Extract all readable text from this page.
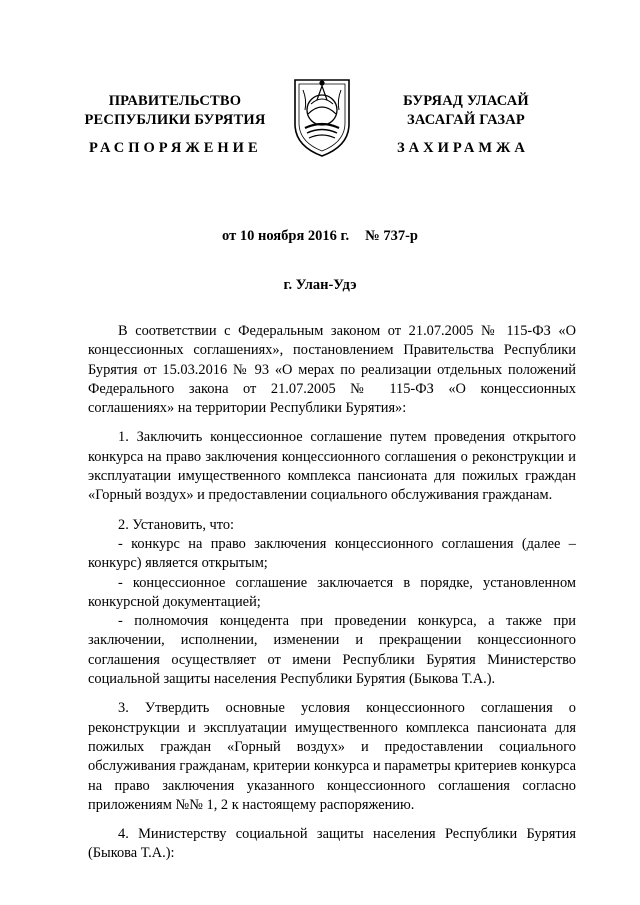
ПРАВИТЕЛЬСТВО
РЕСПУБЛИКИ БУРЯТИЯ
БУРЯАД УЛАСАЙ
ЗАСАГАЙ ГАЗАР
РАСПОРЯЖЕНИЕ	ЗАХИРАМЖА
от 10 ноября 2016 г. № 737-р
г. Улан-Удэ

В соответствии с Федеральным законом от 21.07.2005 № 115-ФЗ «О концессионных соглашениях», постановлением Правительства Республики Бурятия от 15.03.2016 № 93 «О мерах по реализации отдельных положений Федерального закона от 21.07.2005 № 115-ФЗ «О концессионных соглашениях» на территории Республики Бурятия»:

1. Заключить концессионное соглашение путем проведения открытого конкурса на право заключения концессионного соглашения о реконструкции и эксплуатации имущественного комплекса пансионата для пожилых граждан «Горный воздух» и предоставлении социального обслуживания гражданам.

2. Установить, что:

- конкурс на право заключения концессионного соглашения (далее – конкурс) является открытым;

- концессионное соглашение заключается в порядке, установленном конкурсной документацией;

- полномочия концедента при проведении конкурса, а также при заключении, исполнении, изменении и прекращении концессионного соглашения осуществляет от имени Республики Бурятия Министерство социальной защиты населения Республики Бурятия (Быкова Т.А.).

3. Утвердить основные условия концессионного соглашения о реконструкции и эксплуатации имущественного комплекса пансионата для пожилых граждан «Горный воздух» и предоставлении социального обслуживания гражданам, критерии конкурса и параметры критериев конкурса на право заключения указанного концессионного соглашения согласно приложениям №№ 1, 2 к настоящему распоряжению.

4. Министерству социальной защиты населения Республики Бурятия (Быкова Т.А.):
